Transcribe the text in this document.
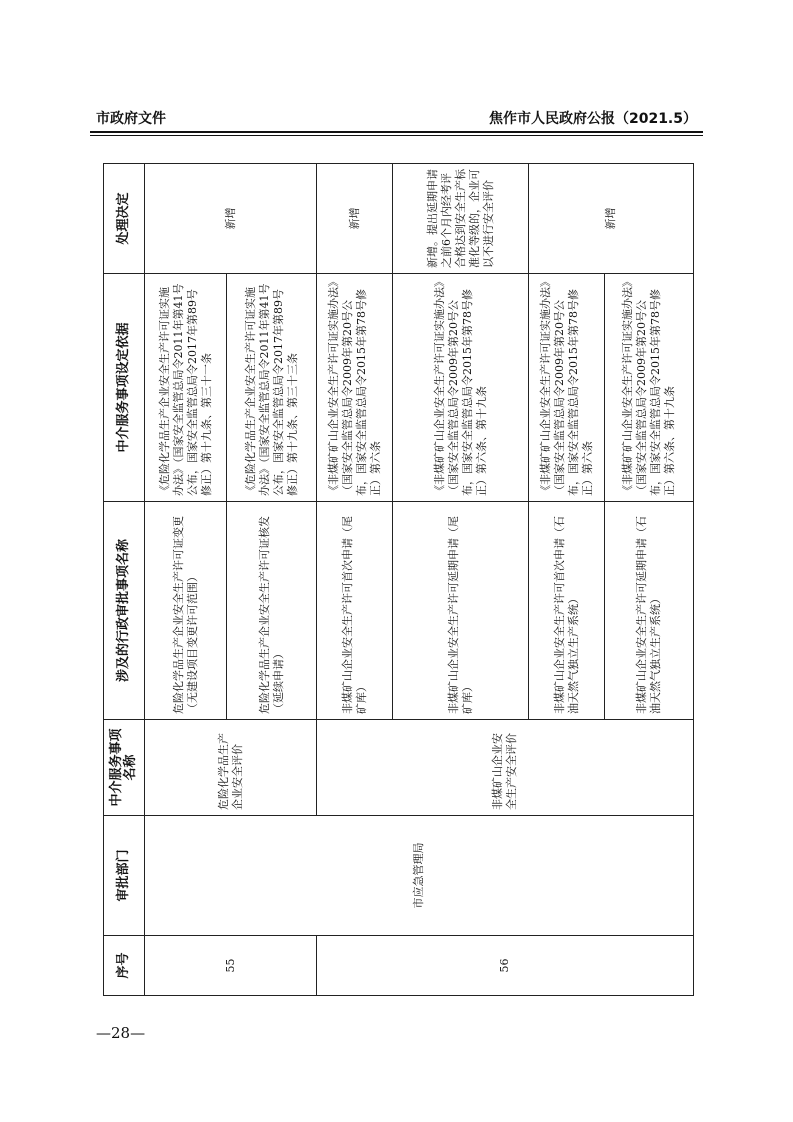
市政府文件	焦作市人民政府公报（2021.5）
序号	审批部门	中介服务事项名称	涉及的行政审批事项名称	中介服务事项设定依据	处理决定
55	市应急管理局	危险化学品生产企业安全评价	危险化学品生产企业安全生产许可证变更（无建设项目变更许可范围）	《危险化学品生产企业安全生产许可证实施办法》（国家安全监管总局令2011年第41号公布，国家安全监管总局令2017年第89号修正）第十九条、第三十一条	新增
			危险化学品生产企业安全生产许可证核发（延续申请）	《危险化学品生产企业安全生产许可证实施办法》（国家安全监管总局令2011年第41号公布，国家安全监管总局令2017年第89号修正）第十九条、第三十三条	
56		非煤矿山企业安全生产安全评价	非煤矿山企业安全生产许可首次申请（尾矿库）	《非煤矿矿山企业安全生产许可证实施办法》（国家安全监管总局令2009年第20号公布，国家安全监管总局令2015年第78号修正）第六条	新增
			非煤矿山企业安全生产许可延期申请（尾矿库）	《非煤矿矿山企业安全生产许可证实施办法》（国家安全监管总局令2009年第20号公布，国家安全监管总局令2015年第78号修正）第六条、第十九条	新增。提出延期申请之前6个月内经考评合格达到安全生产标准化等级的，企业可以不进行安全评价
			非煤矿山企业安全生产许可首次申请（石油天然气独立生产系统）	《非煤矿矿山企业安全生产许可证实施办法》（国家安全监管总局令2009年第20号公布，国家安全监管总局令2015年第78号修正）第六条	新增
			非煤矿山企业安全生产许可延期申请（石油天然气独立生产系统）	《非煤矿矿山企业安全生产许可证实施办法》（国家安全监管总局令2009年第20号公布，国家安全监管总局令2015年第78号修正）第六条、第十九条	
—28—
